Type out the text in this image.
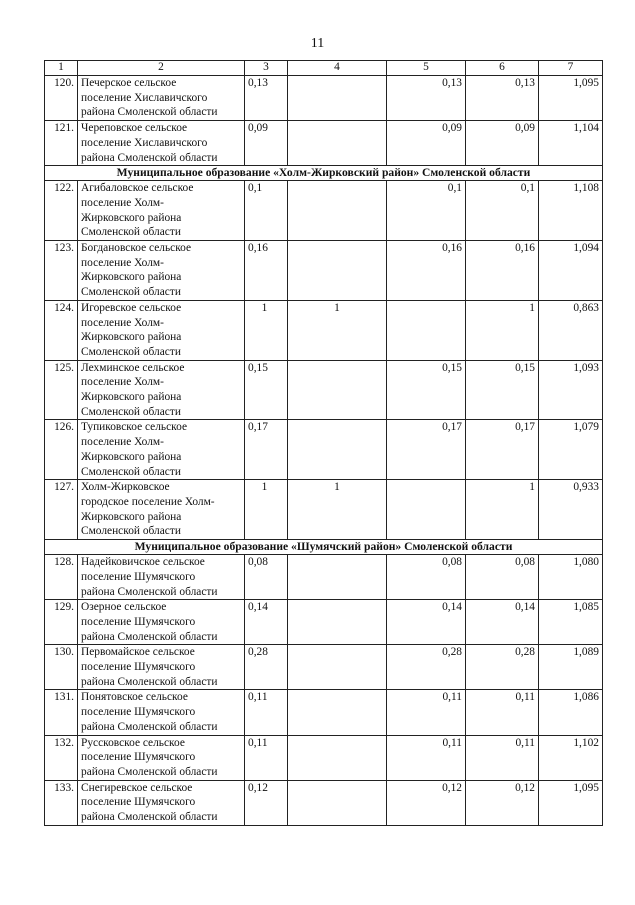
11
1	2	3	4	5	6	7
120.	Печерское сельское
поселение Хиславичского
района Смоленской области	0,13		0,13	0,13	1,095
121.	Череповское сельское
поселение Хиславичского
района Смоленской области	0,09		0,09	0,09	1,104
Муниципальное образование «Холм-Жирковский район» Смоленской области						
122.	Агибаловское сельское
поселение Холм-
Жирковского района
Смоленской области	0,1		0,1	0,1	1,108
123.	Богдановское сельское
поселение Холм-
Жирковского района
Смоленской области	0,16		0,16	0,16	1,094
124.	Игоревское сельское
поселение Холм-
Жирковского района
Смоленской области	1	1		1	0,863
125.	Лехминское сельское
поселение Холм-
Жирковского района
Смоленской области	0,15		0,15	0,15	1,093
126.	Тупиковское сельское
поселение Холм-
Жирковского района
Смоленской области	0,17		0,17	0,17	1,079
127.	Холм-Жирковское
городское поселение Холм-
Жирковского района
Смоленской области	1	1		1	0,933
Муниципальное образование «Шумячский район» Смоленской области						
128.	Надейковичское сельское
поселение Шумячского
района Смоленской области	0,08		0,08	0,08	1,080
129.	Озерное сельское
поселение Шумячского
района Смоленской области	0,14		0,14	0,14	1,085
130.	Первомайское сельское
поселение Шумячского
района Смоленской области	0,28		0,28	0,28	1,089
131.	Понятовское сельское
поселение Шумячского
района Смоленской области	0,11		0,11	0,11	1,086
132.	Руссковское сельское
поселение Шумячского
района Смоленской области	0,11		0,11	0,11	1,102
133.	Снегиревское сельское
поселение Шумячского
района Смоленской области	0,12		0,12	0,12	1,095
